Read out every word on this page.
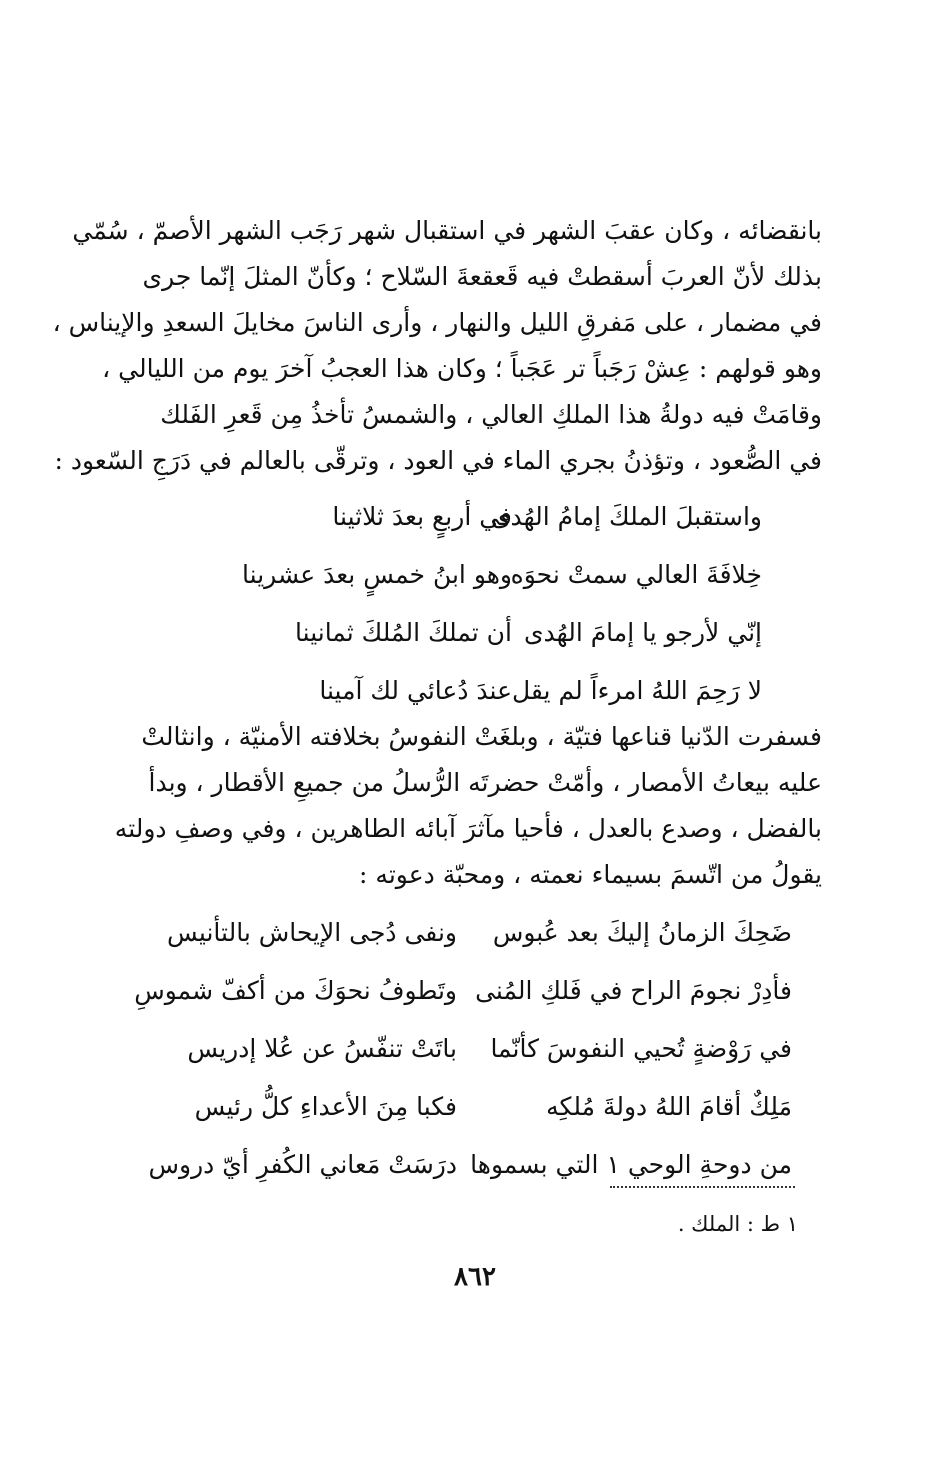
بانقضائه ، وكان عقبَ الشهر في استقبال شهر رَجَب الشهر الأصمّ ، سُمّي
بذلك لأنّ العربَ أسقطتْ فيه قَعقعةَ السّلاح ؛ وكأنّ المثلَ إنّما جرى
في مضمار ، على مَفرقِ الليل والنهار ، وأرى الناسَ مخايلَ السعدِ والإيناس ،
وهو قولهم : عِشْ رَجَباً تر عَجَباً ؛ وكان هذا العجبُ آخرَ يوم من الليالي ،
وقامَتْ فيه دولةُ هذا الملكِ العالي ، والشمسُ تأخذُ مِن قَعرِ الفَلك
في الصُّعود ، وتؤذنُ بجري الماء في العود ، وترقّى بالعالم في دَرَجِ السّعود :
واستقبلَ الملكَ إمامُ الهُدى
في أربعٍ بعدَ ثلاثينا
خِلافَةَ العالي سمتْ نحوَه
وهو ابنُ خمسٍ بعدَ عشرينا
إنّي لأرجو يا إمامَ الهُدى
أن تملكَ المُلكَ ثمانينا
لا رَحِمَ اللهُ امرءاً لم يقل
عندَ دُعائي لك آمينا
فسفرت الدّنيا قناعها فتيّة ، وبلغَتْ النفوسُ بخلافته الأمنيّة ، وانثالتْ
عليه بيعاتُ الأمصار ، وأمّتْ حضرتَه الرُّسلُ من جميعِ الأقطار ، وبدأ
بالفضل ، وصدع بالعدل ، فأحيا مآثرَ آبائه الطاهرين ، وفي وصفِ دولته
يقولُ من اتّسمَ بسيماء نعمته ، ومحبّة دعوته :
ضَحِكَ الزمانُ إليكَ بعد عُبوس
ونفى دُجى الإيحاش بالتأنيس
فأدِرْ نجومَ الراح في فَلكِ المُنى
وتَطوفُ نحوَكَ من أكفّ شموسِ
في رَوْضةٍ تُحيي النفوسَ كأنّما
باتَتْ تنفّسُ عن عُلا إدريس
مَلِكٌ أقامَ اللهُ دولةَ مُلكِه
فكبا مِنَ الأعداءِ كلُّ رئيس
من دوحةِ الوحي ١ التي بسموها
درَسَتْ مَعاني الكُفرِ أيّ دروس
١ ط : الملك .
٨٦٢
